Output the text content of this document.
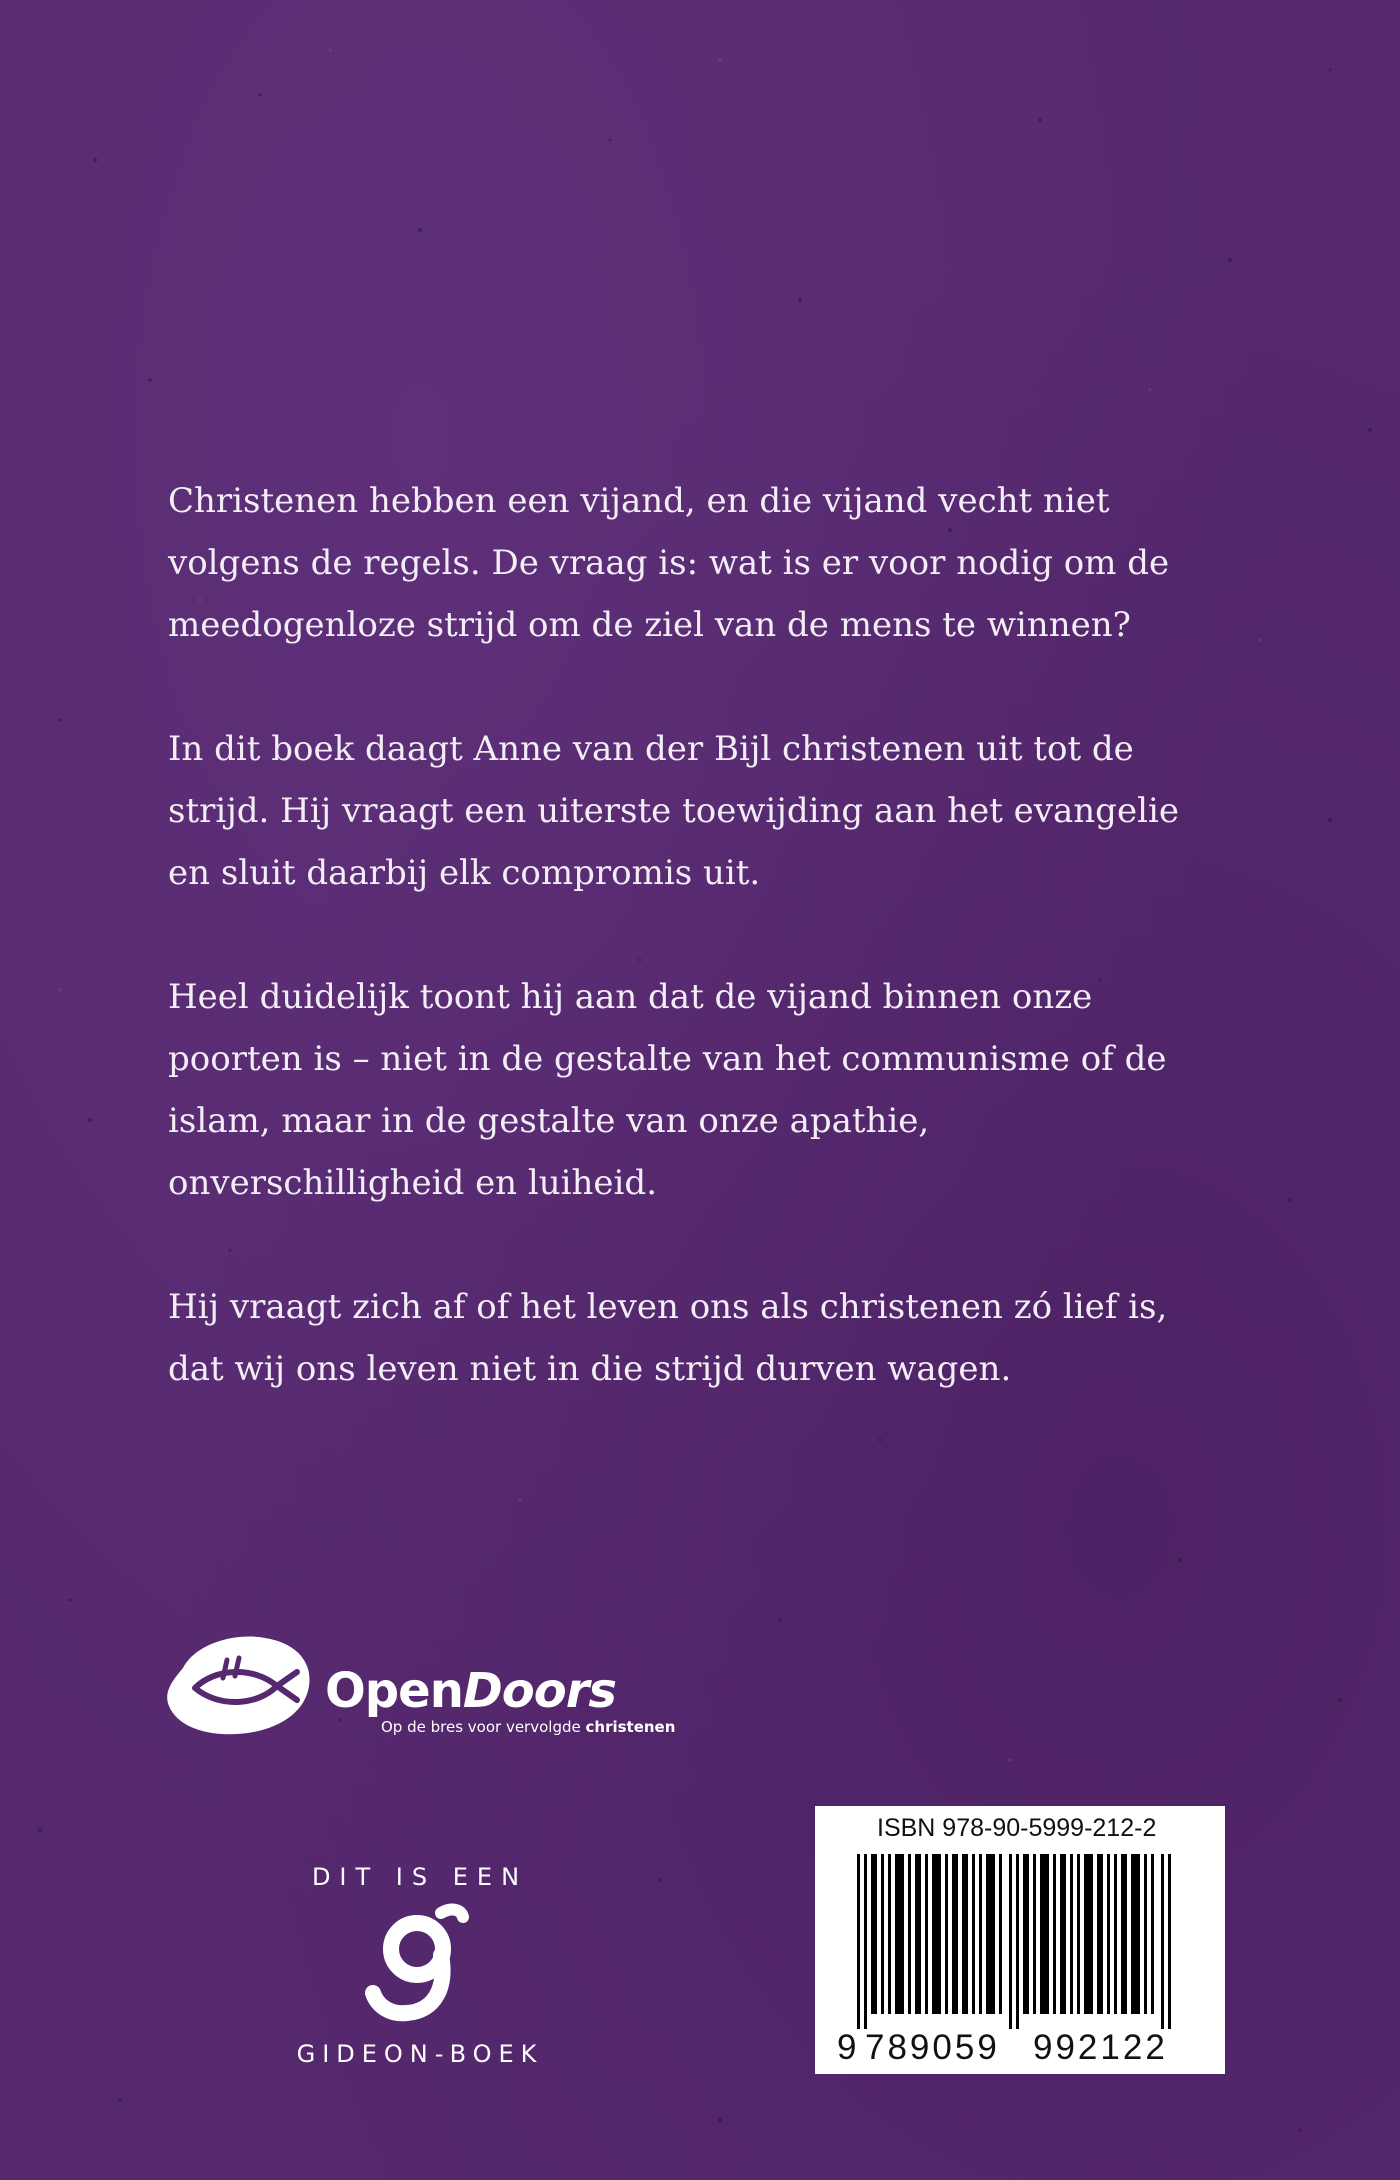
Christenen hebben een vijand, en die vijand vecht niet volgens de regels. De vraag is: wat is er voor nodig om de meedogenloze strijd om de ziel van de mens te winnen?

In dit boek daagt Anne van der Bijl christenen uit tot de strijd. Hij vraagt een uiterste toewijding aan het evangelie en sluit daarbij elk compromis uit.

Heel duidelijk toont hij aan dat de vijand binnen onze poorten is – niet in de gestalte van het communisme of de islam, maar in de gestalte van onze apathie, onverschilligheid en luiheid.

Hij vraagt zich af of het leven ons als christenen zó lief is, dat wij ons leven niet in die strijd durven wagen.

OpenDoors
Op de bres voor vervolgde christenen
DIT IS EEN
GIDEON-BOEK
ISBN 978-90-5999-212-2
9 789059 992122
